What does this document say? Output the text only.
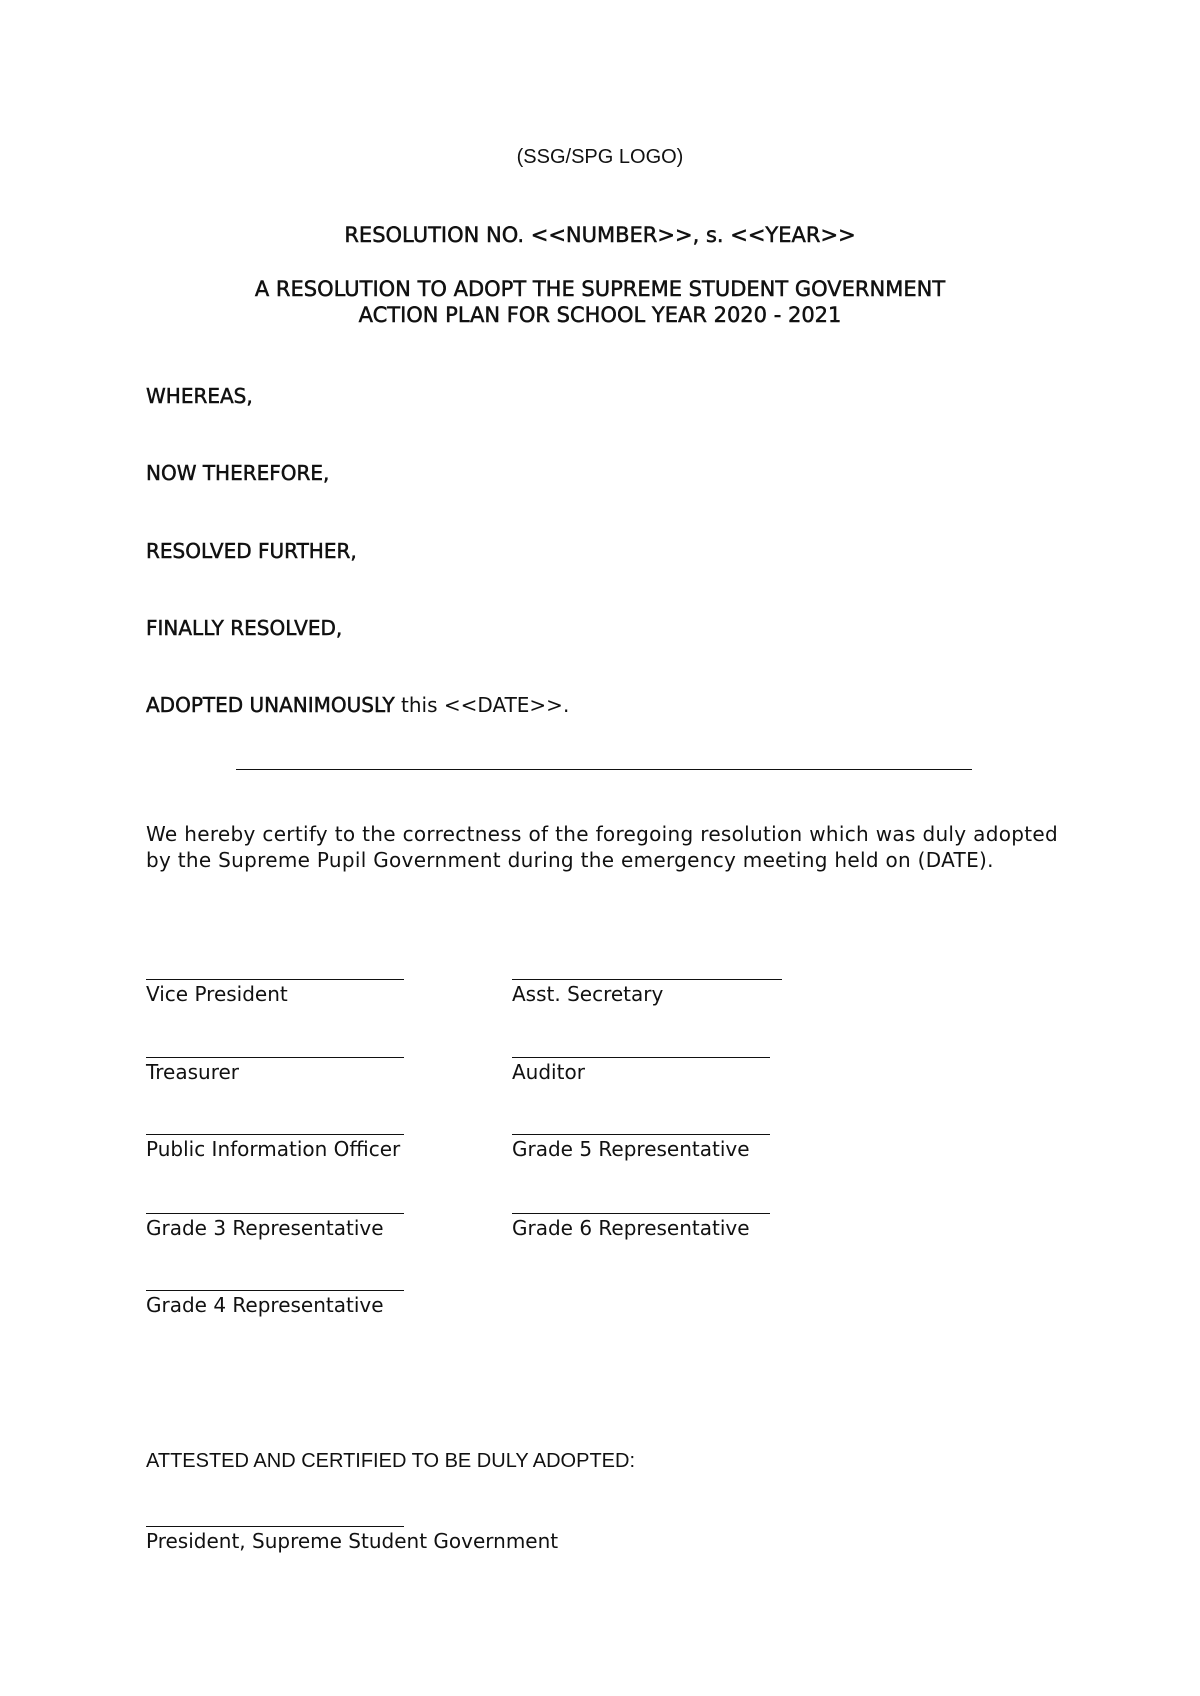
(SSG/SPG LOGO)
RESOLUTION NO. <<NUMBER>>, s. <<YEAR>>
A RESOLUTION TO ADOPT THE SUPREME STUDENT GOVERNMENT
ACTION PLAN FOR SCHOOL YEAR 2020 - 2021
WHEREAS,
NOW THEREFORE,
RESOLVED FURTHER,
FINALLY RESOLVED,
ADOPTED UNANIMOUSLY this <<DATE>>.
We hereby certify to the correctness of the foregoing resolution which was duly adopted by the Supreme Pupil Government during the emergency meeting held on (DATE).
Vice President	Asst. Secretary
Treasurer	Auditor
Public Information Officer	Grade 5 Representative
Grade 3 Representative	Grade 6 Representative
Grade 4 Representative
ATTESTED AND CERTIFIED TO BE DULY ADOPTED:
President, Supreme Student Government
